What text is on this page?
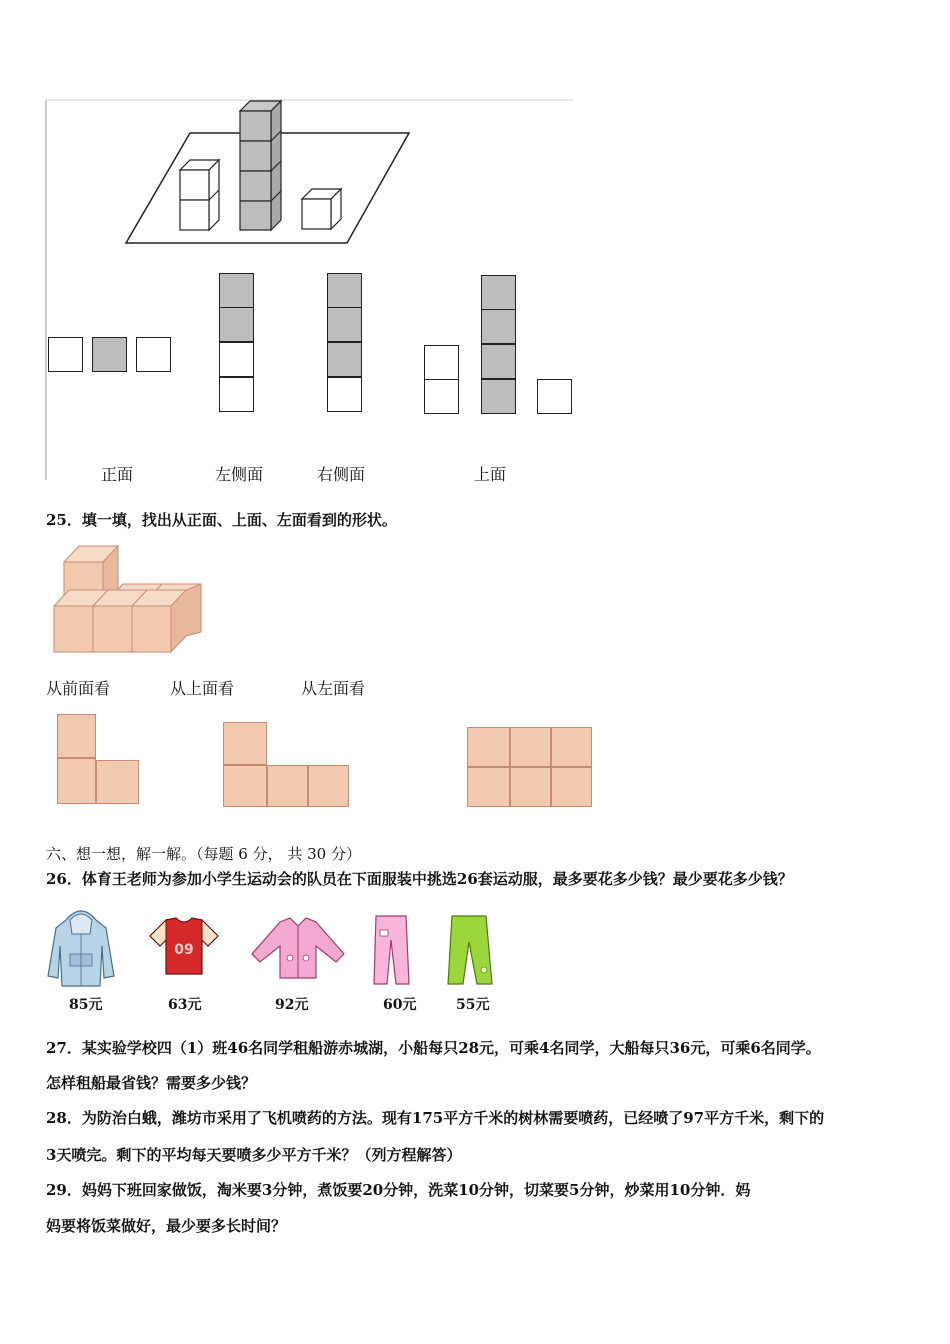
正面	左侧面	右侧面	上面
25．填一填，找出从正面、上面、左面看到的形状。
从前面看	从上面看	从左面看
六、想一想，解一解。（每题 6 分， 共 30 分）
26．体育王老师为参加小学生运动会的队员在下面服装中挑选26套运动服，最多要花多少钱？最少要花多少钱？
09
85元	63元	92元	60元	55元
27．某实验学校四（1）班46名同学租船游赤城湖，小船每只28元，可乘4名同学，大船每只36元，可乘6名同学。
怎样租船最省钱？需要多少钱？
28．为防治白蛾，潍坊市采用了飞机喷药的方法。现有175平方千米的树林需要喷药，已经喷了97平方千米，剩下的
3天喷完。剩下的平均每天要喷多少平方千米？（列方程解答）
29．妈妈下班回家做饭，淘米要3分钟，煮饭要20分钟，洗菜10分钟，切菜要5分钟，炒菜用10分钟．妈
妈要将饭菜做好，最少要多长时间？
